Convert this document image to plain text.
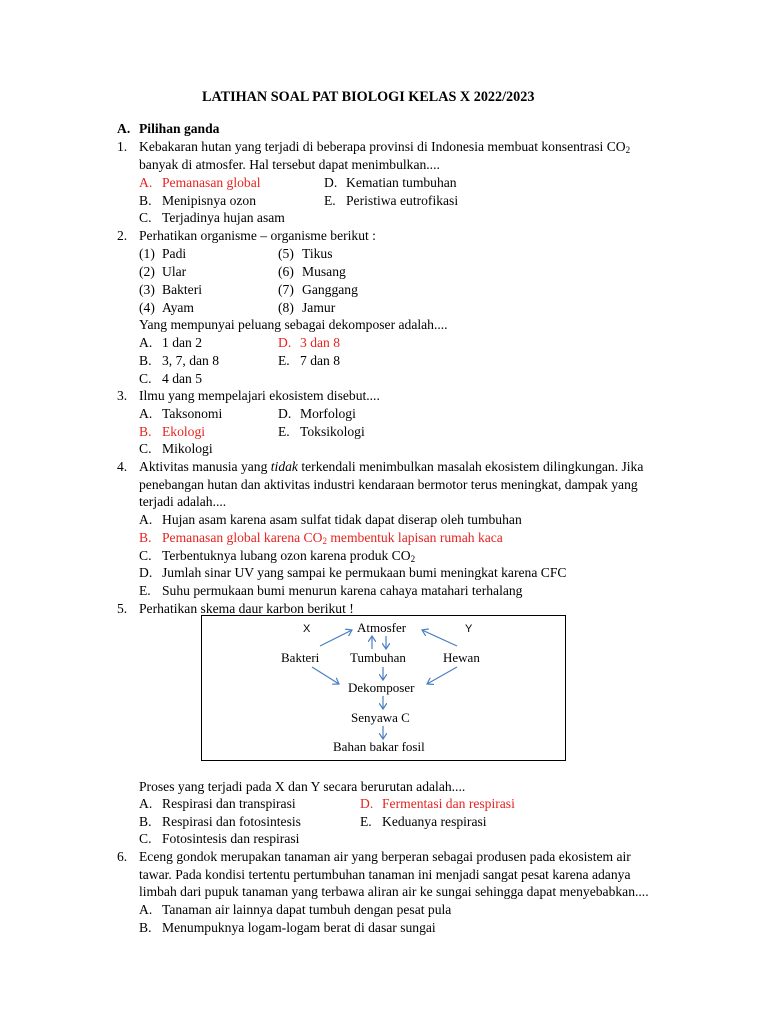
LATIHAN SOAL PAT BIOLOGI KELAS X 2022/2023
A. Pilihan ganda
1. Kebakaran hutan yang terjadi di beberapa provinsi di Indonesia membuat konsentrasi $CO_2$
banyak di atmosfer. Hal tersebut dapat menimbulkan....
A. Pemanasan global	D. Kematian tumbuhan
B. Menipisnya ozon	E. Peristiwa eutrofikasi
C. Terjadinya hujan asam
2. Perhatikan organisme – organisme berikut :
(1) Padi	(5) Tikus
(2) Ular	(6) Musang
(3) Bakteri	(7) Ganggang
(4) Ayam	(8) Jamur
Yang mempunyai peluang sebagai dekomposer adalah....
A. 1 dan 2	D. 3 dan 8
B. 3, 7, dan 8	E. 7 dan 8
C. 4 dan 5
3. Ilmu yang mempelajari ekosistem disebut....
A. Taksonomi	D. Morfologi
B. Ekologi	E. Toksikologi
C. Mikologi
4. Aktivitas manusia yang tidak terkendali menimbulkan masalah ekosistem dilingkungan. Jika
penebangan hutan dan aktivitas industri kendaraan bermotor terus meningkat, dampak yang
terjadi adalah....
A. Hujan asam karena asam sulfat tidak dapat diserap oleh tumbuhan
B. Pemanasan global karena $CO_2$ membentuk lapisan rumah kaca
C. Terbentuknya lubang ozon karena produk $CO_2$
D. Jumlah sinar UV yang sampai ke permukaan bumi meningkat karena CFC
E. Suhu permukaan bumi menurun karena cahaya matahari terhalang
5. Perhatikan skema daur karbon berikut !
X	Y
Atmosfer
Bakteri Tumbuhan	Hewan
Dekomposer
Senyawa C
Bahan bakar fosil
Proses yang terjadi pada X dan Y secara berurutan adalah....
A. Respirasi dan transpirasi	D. Fermentasi dan respirasi
B. Respirasi dan fotosintesis	E. Keduanya respirasi
C. Fotosintesis dan respirasi
6. Eceng gondok merupakan tanaman air yang berperan sebagai produsen pada ekosistem air
tawar. Pada kondisi tertentu pertumbuhan tanaman ini menjadi sangat pesat karena adanya
limbah dari pupuk tanaman yang terbawa aliran air ke sungai sehingga dapat menyebabkan....
A. Tanaman air lainnya dapat tumbuh dengan pesat pula
B. Menumpuknya logam-logam berat di dasar sungai
